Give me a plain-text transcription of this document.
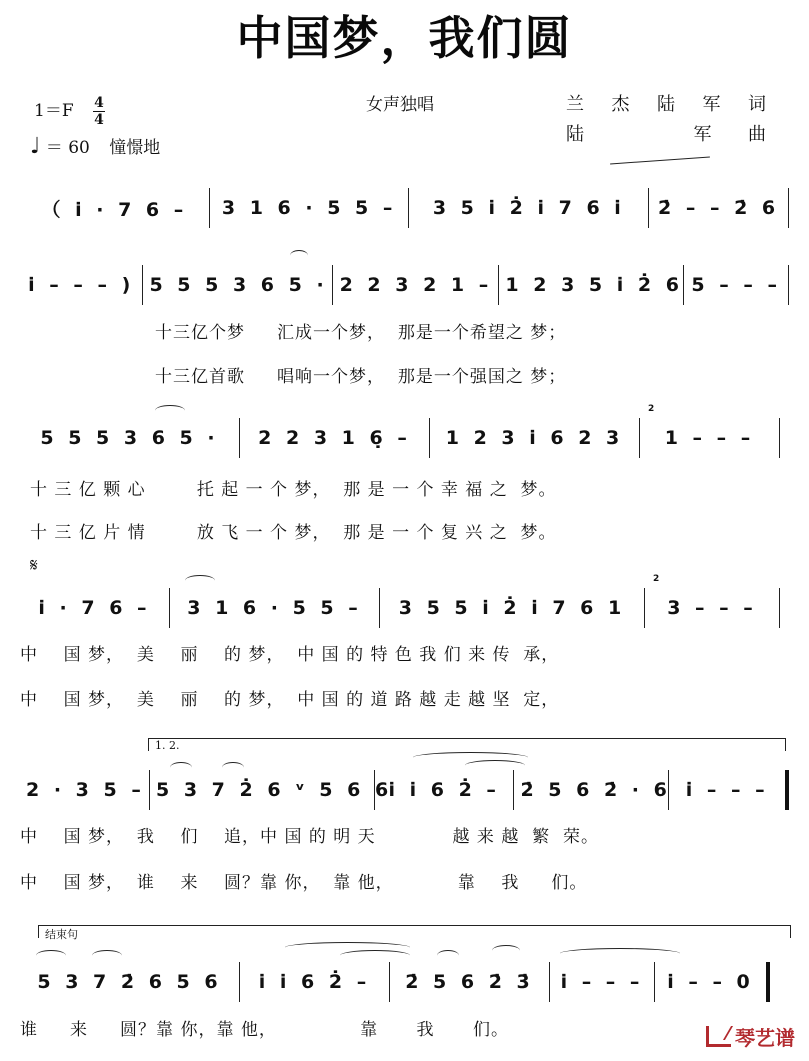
中国梦，我们圆
$1=F \frac{4}{4}$
♩ ＝ 60 憧憬地
女声独唱	兰 杰 陆 军 词
陆	军 曲
（ i̇ · 7 6 – 3 1 6 · 5 5 – 3 5 i̇ 2̇ i̇ 7 6 i̇ 2̇ – – 2̇ 6
i̇ – – – ) 5 5 5 3 6 5 · 2 2 3 2 1 – 1 2 3 5 i̇ 2̇ 6 5 – – –
5 5 5 3 6 5 · 2 2 3 1 6̣ – 1 2 3 i̇ 6 2 3
2
1 – – –
i̇ · 7 6 – 3 1 6 · 5 5 – 3 5 5 i̇ 2̇ i̇ 7 6 1
2
3 – – –
2 · 3 5 – 5 3 7 2̇ 6 ᵛ 5 6 6
i̇ i̇ 6 2̇ – 2̇ 5 6 2̇ · 6 i̇ – – –
5 3 7 2̇ 6 5 6 i̇ i̇ 6 2̇ – 2̇ 5 6 2̇ 3̇ i̇ – – – i̇ – – 0
𝄋
1. 2.
结束句
十三亿个梦     汇成一个梦，  那是一个希望之 梦；
十三亿首歌     唱响一个梦，  那是一个强国之 梦；
十 三 亿 颗 心        托 起 一 个 梦，  那 是 一 个 幸 福 之  梦。
十 三 亿 片 情        放 飞 一 个 梦，  那 是 一 个 复 兴 之  梦。
中    国 梦，  美    丽    的 梦，  中 国 的 特 色 我 们 来 传  承，
中    国 梦，  美    丽    的 梦，  中 国 的 道 路 越 走 越 坚  定，
中    国 梦，  我    们    追，中 国 的 明 天            越 来 越  繁  荣。
中    国 梦，  谁    来    圆？靠 你，  靠 他，          靠    我     们。
谁     来     圆？靠 你，靠 他，             靠      我      们。	琴艺谱
